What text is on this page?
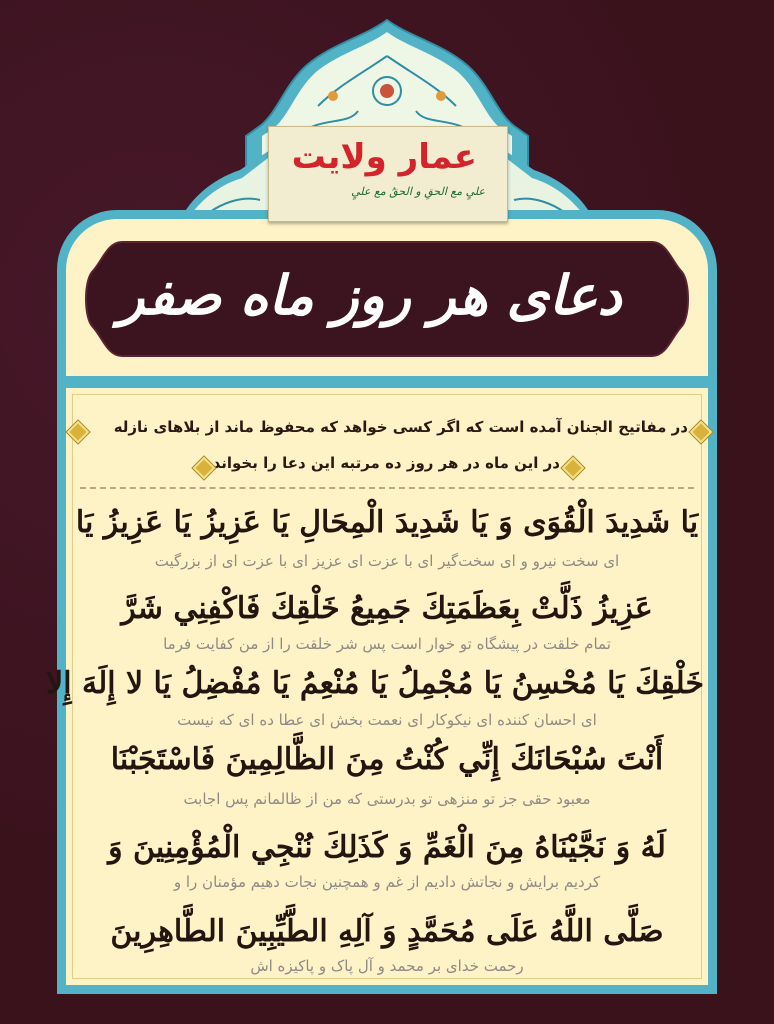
دعای هر روز ماه صفر
عمار ولایت
علیٍ مع الحقِ و الحقُ مع علیٍ
در مفاتیح الجنان آمده است که اگر کسی خواهد که محفوظ ماند از بلاهای نازله
در این ماه در هر روز ده مرتبه این دعا را بخواند
يَا شَدِيدَ الْقُوَى وَ يَا شَدِيدَ الْمِحَالِ يَا عَزِيزُ يَا عَزِيزُ يَا
ای سخت نیرو و ای سخت‌گیر ای با عزت ای عزیز ای با عزت ای از بزرگیت
عَزِيزُ ذَلَّتْ بِعَظَمَتِكَ جَمِيعُ خَلْقِكَ فَاكْفِنِي شَرَّ
تمام خلقت در پیشگاه تو خوار است پس شر خلقت را از من کفایت فرما
خَلْقِكَ يَا مُحْسِنُ يَا مُجْمِلُ يَا مُنْعِمُ يَا مُفْضِلُ يَا لا إِلَهَ إِلا
ای احسان کننده ای نیکوکار ای نعمت بخش ای عطا ده ای که نیست
أَنْتَ سُبْحَانَكَ إِنِّي كُنْتُ مِنَ الظَّالِمِينَ فَاسْتَجَبْنَا
معبود حقی جز تو منزهی تو بدرستی که من از ظالمانم پس اجابت
لَهُ وَ نَجَّيْنَاهُ مِنَ الْغَمِّ وَ كَذَلِكَ نُنْجِي الْمُؤْمِنِينَ وَ
کردیم برایش و نجاتش دادیم از غم و همچنین نجات دهیم مؤمنان را و
صَلَّى اللَّهُ عَلَى مُحَمَّدٍ وَ آلِهِ الطَّيِّبِينَ الطَّاهِرِينَ
رحمت خدای بر محمد و آل پاک و پاکیزه اش
